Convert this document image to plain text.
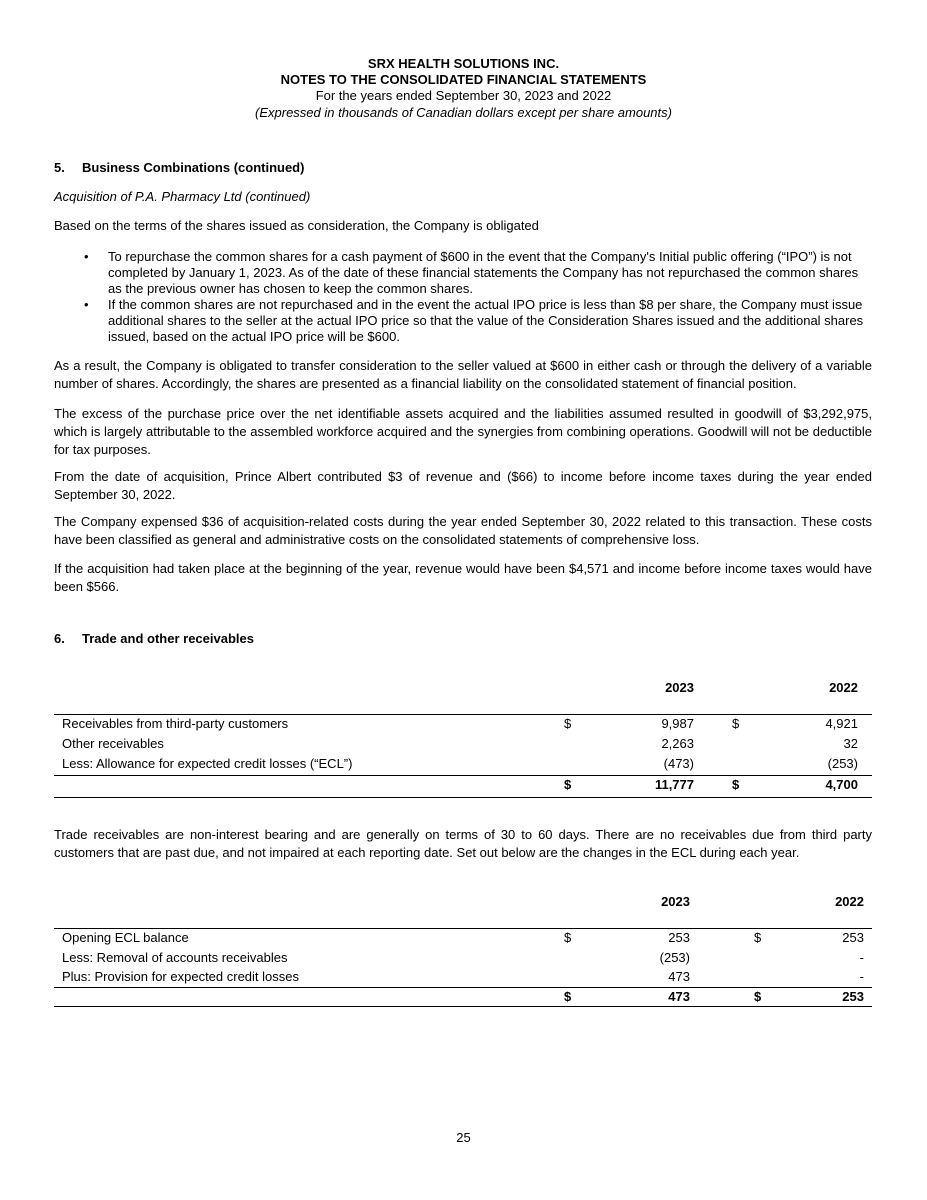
SRX HEALTH SOLUTIONS INC.
NOTES TO THE CONSOLIDATED FINANCIAL STATEMENTS
For the years ended September 30, 2023 and 2022
(Expressed in thousands of Canadian dollars except per share amounts)
5. Business Combinations (continued)
Acquisition of P.A. Pharmacy Ltd (continued)

Based on the terms of the shares issued as consideration, the Company is obligated

• To repurchase the common shares for a cash payment of $600 in the event that the Company's Initial public offering (“IPO”) is not completed by January 1, 2023. As of the date of these financial statements the Company has not repurchased the common shares as the previous owner has chosen to keep the common shares.
• If the common shares are not repurchased and in the event the actual IPO price is less than $8 per share, the Company must issue additional shares to the seller at the actual IPO price so that the value of the Consideration Shares issued and the additional shares issued, based on the actual IPO price will be $600.

As a result, the Company is obligated to transfer consideration to the seller valued at $600 in either cash or through the delivery of a variable number of shares. Accordingly, the shares are presented as a financial liability on the consolidated statement of financial position.

The excess of the purchase price over the net identifiable assets acquired and the liabilities assumed resulted in goodwill of $3,292,975, which is largely attributable to the assembled workforce acquired and the synergies from combining operations. Goodwill will not be deductible for tax purposes.

From the date of acquisition, Prince Albert contributed $3 of revenue and ($66) to income before income taxes during the year ended September 30, 2022.

The Company expensed $36 of acquisition-related costs during the year ended September 30, 2022 related to this transaction. These costs have been classified as general and administrative costs on the consolidated statements of comprehensive loss.

If the acquisition had taken place at the beginning of the year, revenue would have been $4,571 and income before income taxes would have been $566.

6. Trade and other receivables
2023	2022
Receivables from third-party customers	$	9,987	$	4,921
Other receivables	2,263	32
Less: Allowance for expected credit losses (“ECL”)	(473)	(253)
$	11,777	$	4,700

Trade receivables are non-interest bearing and are generally on terms of 30 to 60 days. There are no receivables due from third party customers that are past due, and not impaired at each reporting date. Set out below are the changes in the ECL during each year.

2023	2022
Opening ECL balance	$	253	$	253
Less: Removal of accounts receivables	(253)	-
Plus: Provision for expected credit losses	473	-
$	473	$	253
25
